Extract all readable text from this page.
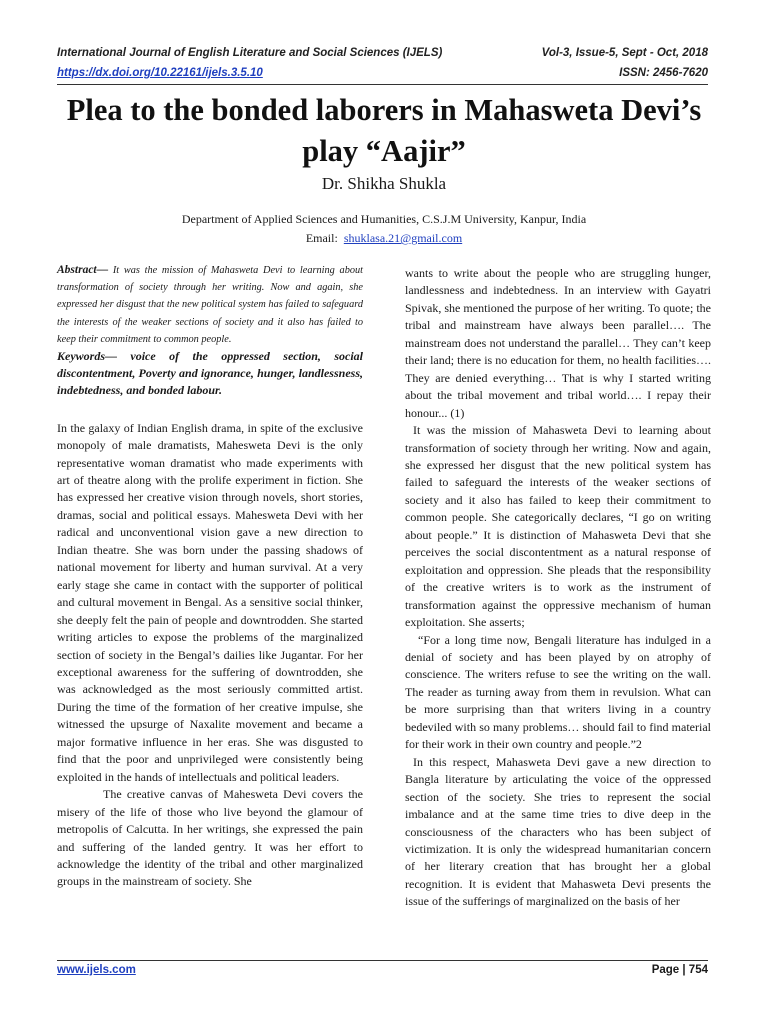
International Journal of English Literature and Social Sciences (IJELS)	Vol-3, Issue-5, Sept - Oct, 2018
https://dx.doi.org/10.22161/ijels.3.5.10	ISSN: 2456-7620
Plea to the bonded laborers in Mahasweta Devi’s play “Aajir”
Dr. Shikha Shukla
Department of Applied Sciences and Humanities, C.S.J.M University, Kanpur, India
Email: shuklasa.21@gmail.com

Abstract— It was the mission of Mahasweta Devi to learning about transformation of society through her writing. Now and again, she expressed her disgust that the new political system has failed to safeguard the interests of the weaker sections of society and it also has failed to keep their commitment to common people.

Keywords— voice of the oppressed section, social discontentment, Poverty and ignorance, hunger, landlessness, indebtedness, and bonded labour.

In the galaxy of Indian English drama, in spite of the exclusive monopoly of male dramatists, Mahesweta Devi is the only representative woman dramatist who made experiments with art of theatre along with the prolife experiment in fiction. She has expressed her creative vision through novels, short stories, dramas, social and political essays. Mahesweta Devi with her radical and unconventional vision gave a new direction to Indian theatre. She was born under the passing shadows of national movement for liberty and human survival. At a very early stage she came in contact with the supporter of political and cultural movement in Bengal. As a sensitive social thinker, she deeply felt the pain of people and downtrodden. She started writing articles to expose the problems of the marginalized section of society in the Bengal’s dailies like Jugantar. For her exceptional awareness for the suffering of downtrodden, she was acknowledged as the most seriously committed artist. During the time of the formation of her creative impulse, she witnessed the upsurge of Naxalite movement and became a major formative influence in her eras. She was disgusted to find that the poor and unprivileged were consistently being exploited in the hands of intellectuals and political leaders.

The creative canvas of Mahesweta Devi covers the misery of the life of those who live beyond the glamour of metropolis of Calcutta. In her writings, she expressed the pain and suffering of the landed gentry. It was her effort to acknowledge the identity of the tribal and other marginalized groups in the mainstream of society. She

wants to write about the people who are struggling hunger, landlessness and indebtedness. In an interview with Gayatri Spivak, she mentioned the purpose of her writing. To quote; the tribal and mainstream have always been parallel…. The mainstream does not understand the parallel… They can’t keep their land; there is no education for them, no health facilities…. They are denied everything… That is why I started writing about the tribal movement and tribal world…. I repay their honour... (1)

It was the mission of Mahasweta Devi to learning about transformation of society through her writing. Now and again, she expressed her disgust that the new political system has failed to safeguard the interests of the weaker sections of society and it also has failed to keep their commitment to common people. She categorically declares, “I go on writing about people.” It is distinction of Mahasweta Devi that she perceives the social discontentment as a natural response of exploitation and oppression. She pleads that the responsibility of the creative writers is to work as the instrument of transformation against the oppressive mechanism of human exploitation. She asserts;

“For a long time now, Bengali literature has indulged in a denial of society and has been played by on atrophy of conscience. The writers refuse to see the writing on the wall. The reader as turning away from them in revulsion. What can be more surprising than that writers living in a country bedeviled with so many problems… should fail to find material for their work in their own country and people.”2

In this respect, Mahasweta Devi gave a new direction to Bangla literature by articulating the voice of the oppressed section of the society. She tries to represent the social imbalance and at the same time tries to dive deep in the consciousness of the characters who has been subject of victimization. It is only the widespread humanitarian concern of her literary creation that has brought her a global recognition. It is evident that Mahasweta Devi presents the issue of the sufferings of marginalized on the basis of her

www.ijels.com	Page | 754
